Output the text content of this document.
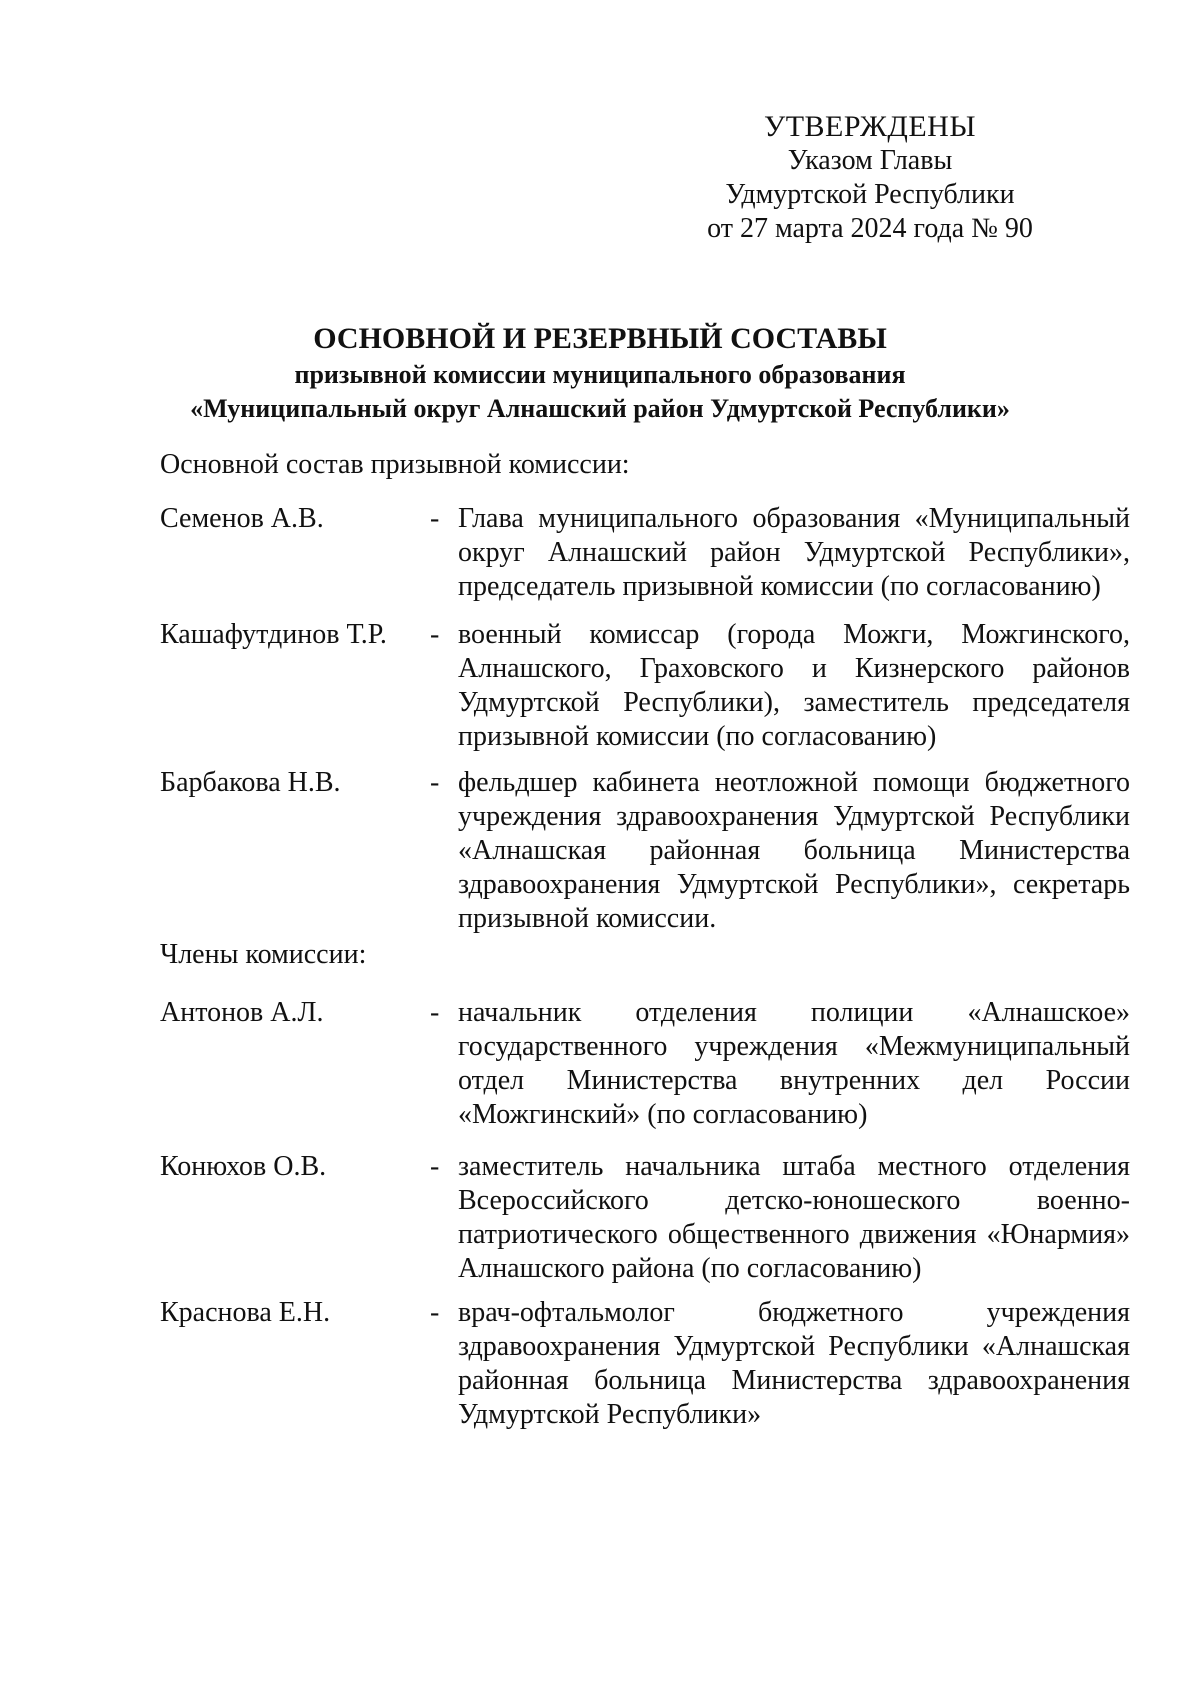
УТВЕРЖДЕНЫ
Указом Главы
Удмуртской Республики
от 27 марта 2024 года № 90
ОСНОВНОЙ И РЕЗЕРВНЫЙ СОСТАВЫ
призывной комиссии муниципального образования
«Муниципальный округ Алнашский район Удмуртской Республики»
Основной состав призывной комиссии:
Семенов А.В.	- Глава муниципального образования «Муниципальный
округ Алнашский район Удмуртской Республики»,
председатель призывной комиссии (по согласованию)
Кашафутдинов Т.Р. - военный комиссар (города Можги, Можгинского,
Алнашского, Граховского и Кизнерского районов
Удмуртской Республики), заместитель председателя
призывной комиссии (по согласованию)
Барбакова Н.В.	- фельдшер кабинета неотложной помощи бюджетного
учреждения здравоохранения Удмуртской Республики
«Алнашская районная больница Министерства
здравоохранения Удмуртской Республики», секретарь
призывной комиссии.
Члены комиссии:
Антонов А.Л.	- начальник отделения полиции «Алнашское»
государственного учреждения «Межмуниципальный
отдел Министерства внутренних дел России
«Можгинский» (по согласованию)
Конюхов О.В.	- заместитель начальника штаба местного отделения
Всероссийского детско-юношеского военно-
патриотического общественного движения «Юнармия»
Алнашского района (по согласованию)
Краснова Е.Н.	- врач-офтальмолог бюджетного учреждения
здравоохранения Удмуртской Республики «Алнашская
районная больница Министерства здравоохранения
Удмуртской Республики»
